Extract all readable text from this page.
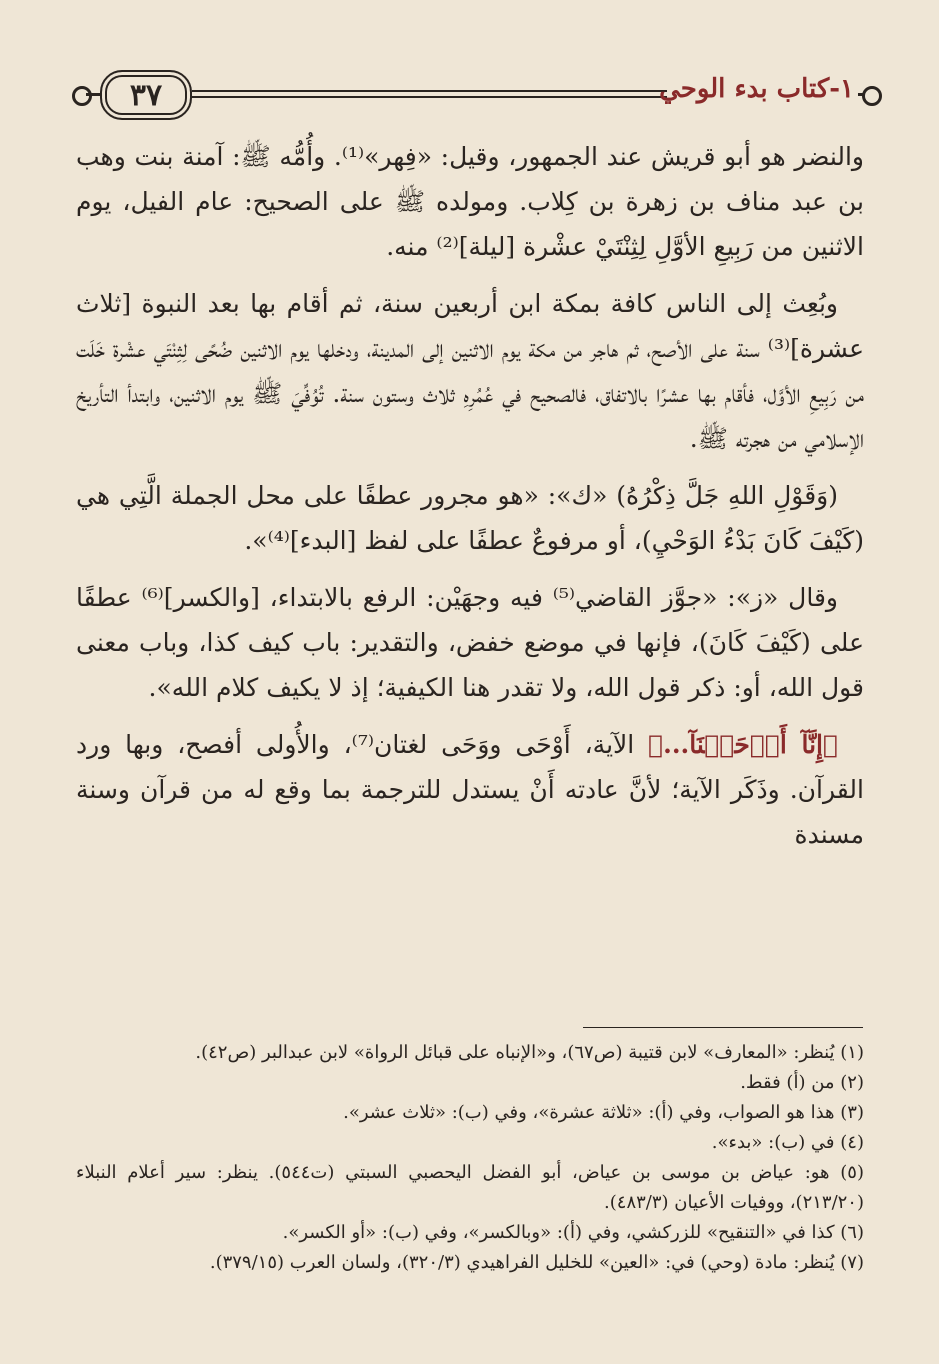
٣٧	١-كتاب بدء الوحي

والنضر هو أبو قريش عند الجمهور، وقيل: «فِهر»⁽¹⁾. وأُمُّه ﷺ: آمنة بنت وهب بن عبد مناف بن زهرة بن كِلاب. ومولده ﷺ على الصحيح: عام الفيل، يوم الاثنين من رَبِيعِ الأوَّلِ لِثِنْتَيْ عشْرة [ليلة]⁽²⁾ منه.

وبُعِث إلى الناس كافة بمكة ابن أربعين سنة، ثم أقام بها بعد النبوة [ثلاث عشرة]⁽³⁾ سنة على الأصح، ثم هاجر من مكة يوم الاثنين إلى المدينة، ودخلها يوم الاثنين ضُحًى لِثِنْتَي عشْرة خَلَت من رَبِيعِ الأوَّل، فأقام بها عشرًا بالاتفاق، فالصحيح في عُمُرِهِ ثلاث وستون سنة. تُوُفِّيَ ﷺ يوم الاثنين، وابتدأ التأريخ الإسلامي من هجرته ﷺ.

(وَقَوْلِ اللهِ جَلَّ ذِكْرُهُ) «ك»: «هو مجرور عطفًا على محل الجملة الَّتِي هي (كَيْفَ كَانَ بَدْءُ الوَحْيِ)، أو مرفوعٌ عطفًا على لفظ [البدء]⁽⁴⁾».

وقال «ز»: «جوَّز القاضي⁽⁵⁾ فيه وجهَيْن: الرفع بالابتداء، [والكسر]⁽⁶⁾ عطفًا على (كَيْفَ كَانَ)، فإنها في موضع خفض، والتقدير: باب كيف كذا، وباب معنى قول الله، أو: ذكر قول الله، ولا تقدر هنا الكيفية؛ إذ لا يكيف كلام الله».

﴿إِنَّآ أَوۡحَيۡنَآ...﴾ الآية، أَوْحَى ووَحَى لغتان⁽⁷⁾، والأُولى أفصح، وبها ورد القرآن. وذَكَر الآية؛ لأنَّ عادته أَنْ يستدل للترجمة بما وقع له من قرآن وسنة مسندة

(١) يُنظر: «المعارف» لابن قتيبة (ص٦٧)، و«الإنباه على قبائل الرواة» لابن عبدالبر (ص٤٢).

(٢) من (أ) فقط.

(٣) هذا هو الصواب، وفي (أ): «ثلاثة عشرة»، وفي (ب): «ثلاث عشر».

(٤) في (ب): «بدء».

(٥) هو: عياض بن موسى بن عياض، أبو الفضل اليحصبي السبتي (ت٥٤٤). ينظر: سير أعلام النبلاء (٢١٣/٢٠)، ووفيات الأعيان (٤٨٣/٣).

(٦) كذا في «التنقيح» للزركشي، وفي (أ): «وبالكسر»، وفي (ب): «أو الكسر».

(٧) يُنظر: مادة (وحي) في: «العين» للخليل الفراهيدي (٣٢٠/٣)، ولسان العرب (٣٧٩/١٥).
